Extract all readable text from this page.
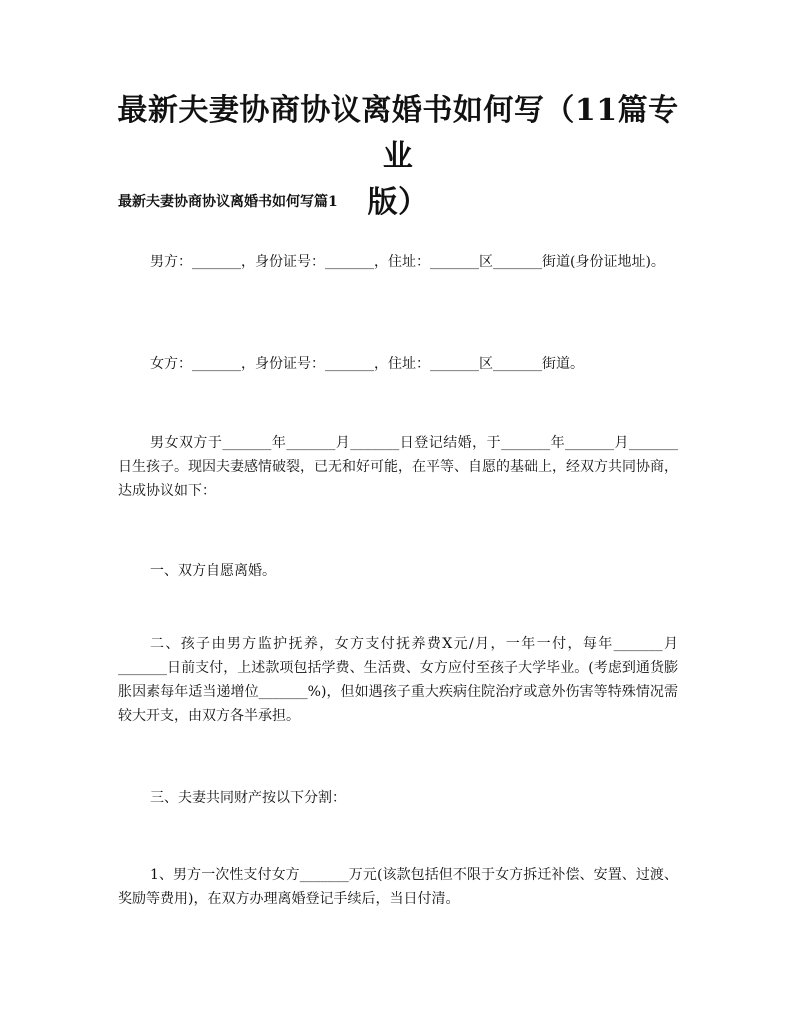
最新夫妻协商协议离婚书如何写（11篇专业
版）
最新夫妻协商协议离婚书如何写篇1

男方：_______，身份证号：_______，住址：_______区_______街道(身份证地址)。

女方：_______，身份证号：_______，住址：_______区_______街道。

男女双方于_______年_______月_______日登记结婚，于_______年_______月_______日生孩子。现因夫妻感情破裂，已无和好可能，在平等、自愿的基础上，经双方共同协商，达成协议如下：

一、双方自愿离婚。

二、孩子由男方监护抚养，女方支付抚养费X元/月，一年一付，每年_______月_______日前支付，上述款项包括学费、生活费、女方应付至孩子大学毕业。(考虑到通货膨胀因素每年适当递增位_______%)，但如遇孩子重大疾病住院治疗或意外伤害等特殊情况需较大开支，由双方各半承担。

三、夫妻共同财产按以下分割：

1、男方一次性支付女方_______万元(该款包括但不限于女方拆迁补偿、安置、过渡、奖励等费用)，在双方办理离婚登记手续后，当日付清。
